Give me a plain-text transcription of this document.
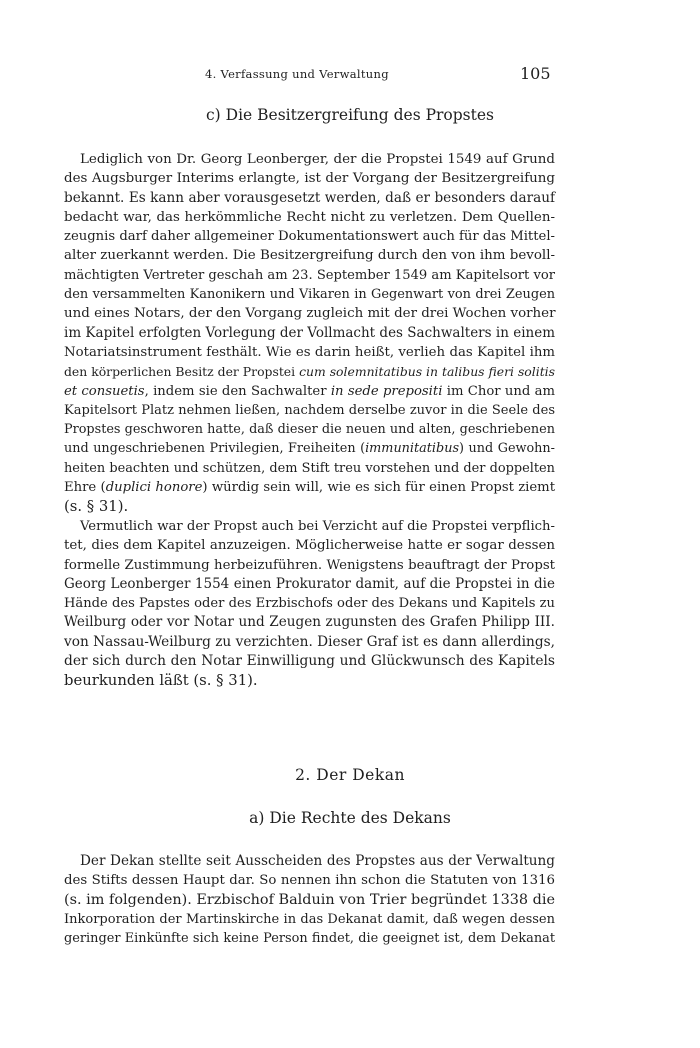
4. Verfassung und Verwaltung	105
c) Die Besitzergreifung des Propstes
Lediglich von Dr. Georg Leonberger, der die Propstei 1549 auf Grund
des Augsburger Interims erlangte, ist der Vorgang der Besitzergreifung
bekannt. Es kann aber vorausgesetzt werden, daß er besonders darauf
bedacht war, das herkömmliche Recht nicht zu verletzen. Dem Quellen-
zeugnis darf daher allgemeiner Dokumentationswert auch für das Mittel-
alter zuerkannt werden. Die Besitzergreifung durch den von ihm bevoll-
mächtigten Vertreter geschah am 23. September 1549 am Kapitelsort vor
den versammelten Kanonikern und Vikaren in Gegenwart von drei Zeugen
und eines Notars, der den Vorgang zugleich mit der drei Wochen vorher
im Kapitel erfolgten Vorlegung der Vollmacht des Sachwalters in einem
Notariatsinstrument festhält. Wie es darin heißt, verlieh das Kapitel ihm
den körperlichen Besitz der Propstei cum solemnitatibus in talibus fieri solitis
et consuetis, indem sie den Sachwalter in sede prepositi im Chor und am
Kapitelsort Platz nehmen ließen, nachdem derselbe zuvor in die Seele des
Propstes geschworen hatte, daß dieser die neuen und alten, geschriebenen
und ungeschriebenen Privilegien, Freiheiten (immunitatibus) und Gewohn-
heiten beachten und schützen, dem Stift treu vorstehen und der doppelten
Ehre (duplici honore) würdig sein will, wie es sich für einen Propst ziemt
(s. § 31).
Vermutlich war der Propst auch bei Verzicht auf die Propstei verpflich-
tet, dies dem Kapitel anzuzeigen. Möglicherweise hatte er sogar dessen
formelle Zustimmung herbeizuführen. Wenigstens beauftragt der Propst
Georg Leonberger 1554 einen Prokurator damit, auf die Propstei in die
Hände des Papstes oder des Erzbischofs oder des Dekans und Kapitels zu
Weilburg oder vor Notar und Zeugen zugunsten des Grafen Philipp III.
von Nassau-Weilburg zu verzichten. Dieser Graf ist es dann allerdings,
der sich durch den Notar Einwilligung und Glückwunsch des Kapitels
beurkunden läßt (s. § 31).
2. Der Dekan
a) Die Rechte des Dekans
Der Dekan stellte seit Ausscheiden des Propstes aus der Verwaltung
des Stifts dessen Haupt dar. So nennen ihn schon die Statuten von 1316
(s. im folgenden). Erzbischof Balduin von Trier begründet 1338 die
Inkorporation der Martinskirche in das Dekanat damit, daß wegen dessen
geringer Einkünfte sich keine Person findet, die geeignet ist, dem Dekanat
